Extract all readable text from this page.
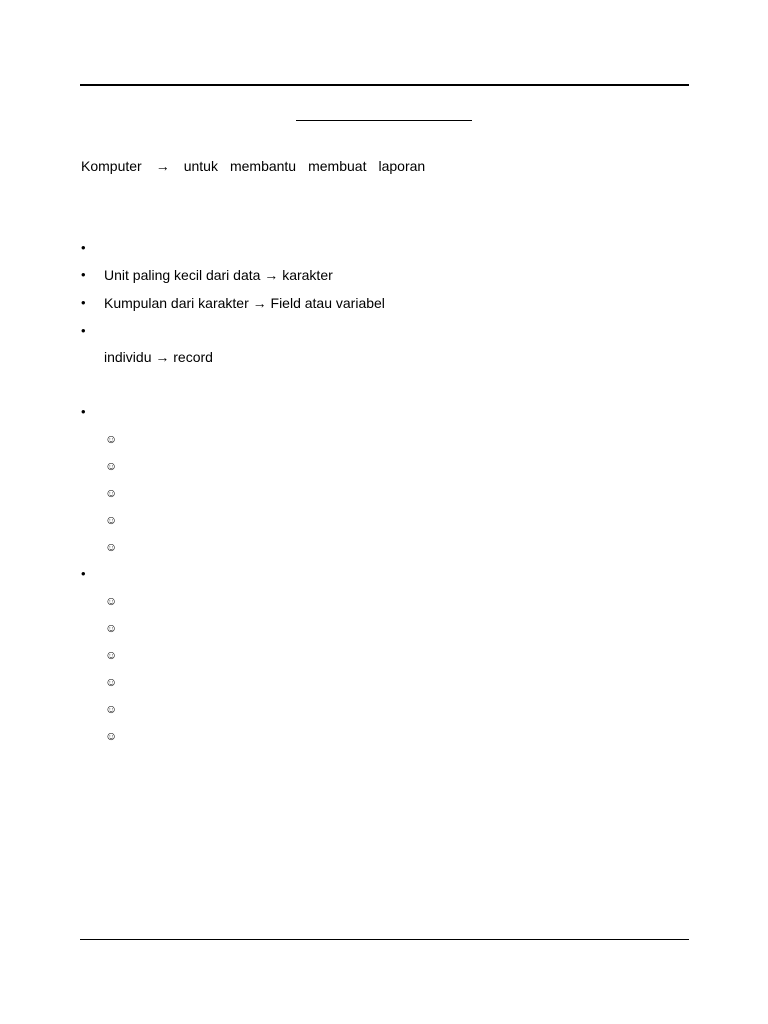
Komputer → untuk membantu membuat laporan
•
• Unit paling kecil dari data → karakter
• Kumpulan dari karakter → Field atau variabel
•
individu → record
•
☺
☺
☺
☺
☺
•
☺
☺
☺
☺
☺
☺
